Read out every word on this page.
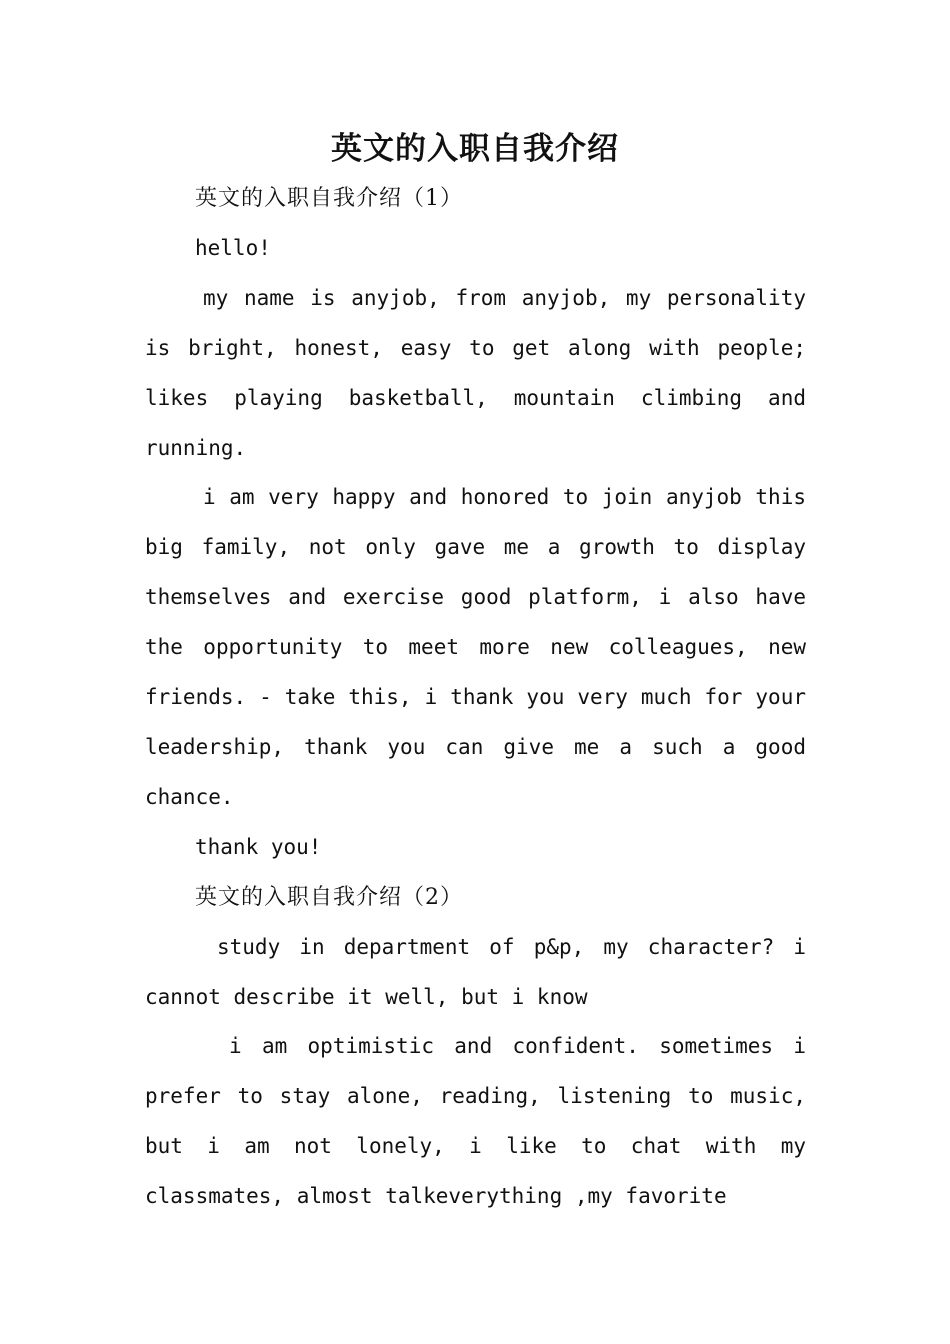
英文的入职自我介绍

英文的入职自我介绍（1）

hello!

my name is anyjob, from anyjob, my personality is bright, honest, easy to get along with people; likes playing basketball, mountain climbing and running.

i am very happy and honored to join anyjob this big family, not only gave me a growth to display themselves and exercise good platform, i also have the opportunity to meet more new colleagues, new friends. - take this, i thank you very much for your leadership, thank you can give me a such a good chance.

thank you!

英文的入职自我介绍（2）

study in department of p&p, my character? i cannot describe it well, but i know

i am optimistic and confident. sometimes i prefer to stay alone, reading, listening to music, but i am not lonely, i like to chat with my classmates, almost talkeverything ,my favorite
